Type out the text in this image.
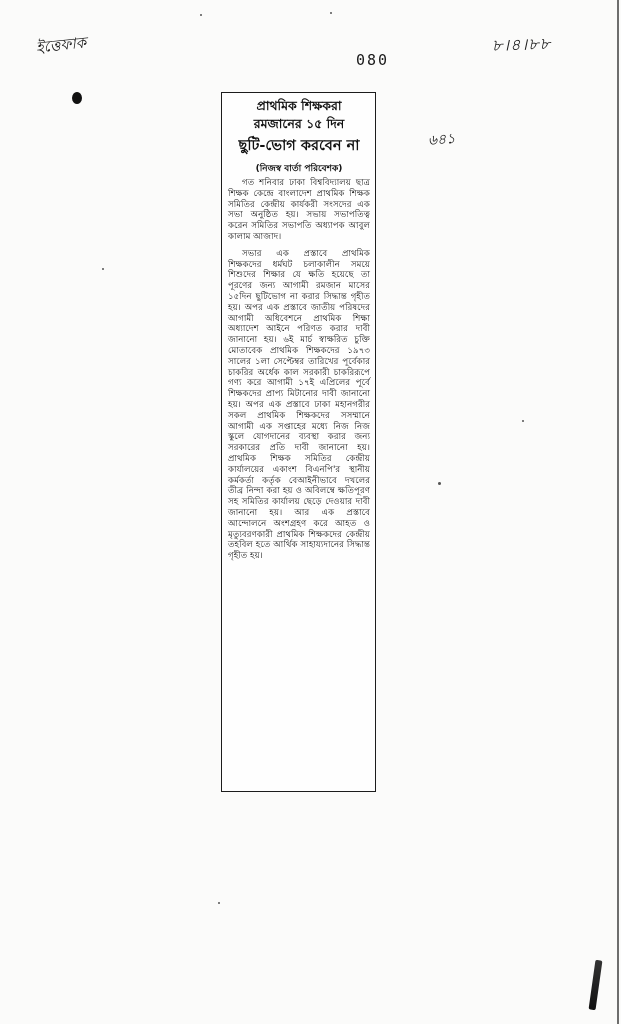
ইত্তেফাক
080
৮।৪।৮৮
৬৪১
প্রাথমিক শিক্ষকরা
রমজানের ১৫ দিন
ছুটি-ভোগ করবেন না
(নিজস্ব বার্তা পরিবেশক)

গত শনিবার ঢাকা বিশ্ববিদ্যালয় ছাত্র শিক্ষক কেন্দ্রে বাংলাদেশ প্রাথমিক শিক্ষক সমিতির কেন্দ্রীয় কার্যকরী সংসদের এক সভা অনুষ্ঠিত হয়। সভায় সভাপতিত্ব করেন সমিতির সভাপতি অধ্যাপক আবুল কালাম আজাদ।

সভার এক প্রস্তাবে প্রাথমিক শিক্ষকদের ধর্মঘট চলাকালীন সময়ে শিশুদের শিক্ষার যে ক্ষতি হয়েছে তা পূরণের জন্য আগামী রমজান মাসের ১৫দিন ছুটিভোগ না করার সিদ্ধান্ত গৃহীত হয়। অপর এক প্রস্তাবে জাতীয় পরিষদের আগামী অধিবেশনে প্রাথমিক শিক্ষা অধ্যাদেশ আইনে পরিণত করার দাবী জানানো হয়। ৬ই মার্চ স্বাক্ষরিত চুক্তি মোতাবেক প্রাথমিক শিক্ষকদের ১৯৭৩ সালের ১লা সেপ্টেম্বর তারিখের পূর্বেকার চাকরির অর্ধেক কাল সরকারী চাকরিরূপে গণ্য করে আগামী ১৭ই এপ্রিলের পূর্বে শিক্ষকদের প্রাপ্য মিটানোর দাবী জানানো হয়। অপর এক প্রস্তাবে ঢাকা মহানগরীর সকল প্রাথমিক শিক্ষকদের সসম্মানে আগামী এক সপ্তাহের মধ্যে নিজ নিজ স্কুলে যোগদানের ব্যবস্থা করার জন্য সরকারের প্রতি দাবী জানানো হয়। প্রাথমিক শিক্ষক সমিতির কেন্দ্রীয় কার্যালয়ের একাংশ বিএনপি'র স্থানীয় কর্মকর্তা কর্তৃক বেআইনীভাবে দখলের তীব্র নিন্দা করা হয় ও অবিলম্বে ক্ষতিপূরণ সহ সমিতির কার্যালয় ছেড়ে দেওয়ার দাবী জানানো হয়। আর এক প্রস্তাবে আন্দোলনে অংশগ্রহণ করে আহত ও মৃত্যুবরণকারী প্রাথমিক শিক্ষকদের কেন্দ্রীয় তহবিল হতে আর্থিক সাহায্যদানের সিদ্ধান্ত গৃহীত হয়।
